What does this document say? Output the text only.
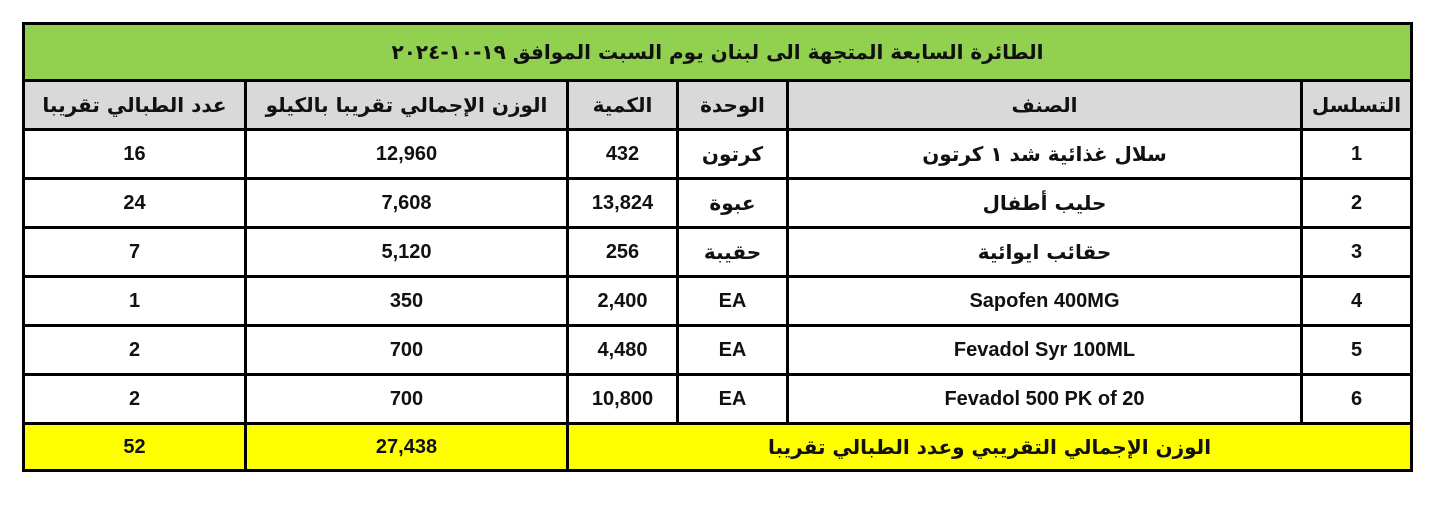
الطائرة السابعة المتجهة الى لبنان يوم السبت الموافق ١٩-١٠-٢٠٢٤					
التسلسل	الصنف	الوحدة	الكمية	الوزن الإجمالي تقريبا بالكيلو	عدد الطبالي تقريبا
1	سلال غذائية شد ١ كرتون	كرتون	432	12,960	16
2	حليب أطفال	عبوة	13,824	7,608	24
3	حقائب ايوائية	حقيبة	256	5,120	7
4	Sapofen 400MG	EA	2,400	350	1
5	Fevadol Syr 100ML	EA	4,480	700	2
6	Fevadol 500 PK of 20	EA	10,800	700	2
الوزن الإجمالي التقريبي وعدد الطبالي تقريبا				27,438	52
